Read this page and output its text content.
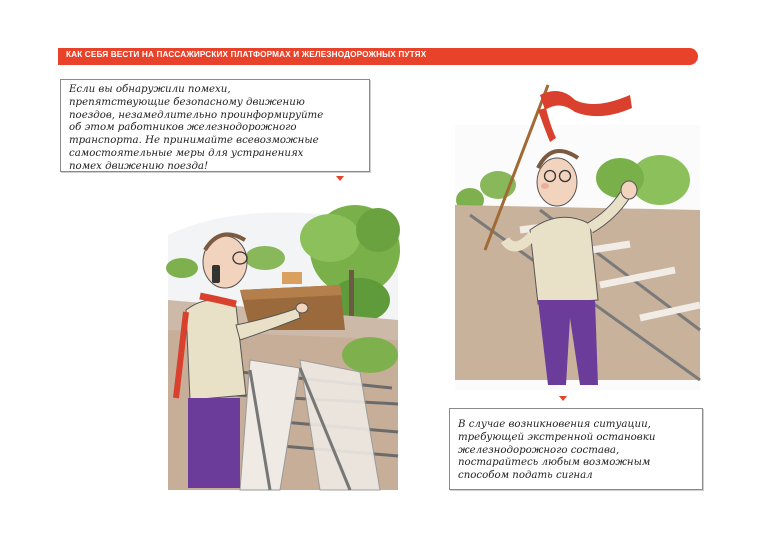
КАК СЕБЯ ВЕСТИ НА ПАССАЖИРСКИХ ПЛАТФОРМАХ И ЖЕЛЕЗНОДОРОЖНЫХ ПУТЯХ
Если вы обнаружили помехи,
препятствующие безопасному движению
поездов, незамедлительно проинформируйте
об этом работников железнодорожного
транспорта. Не принимайте всевозможные
самостоятельные меры для устранениях
помех движению поезда!
В случае возникновения ситуации,
требующей экстренной остановки
железнодорожного состава,
постарайтесь любым возможным
способом подать сигнал
